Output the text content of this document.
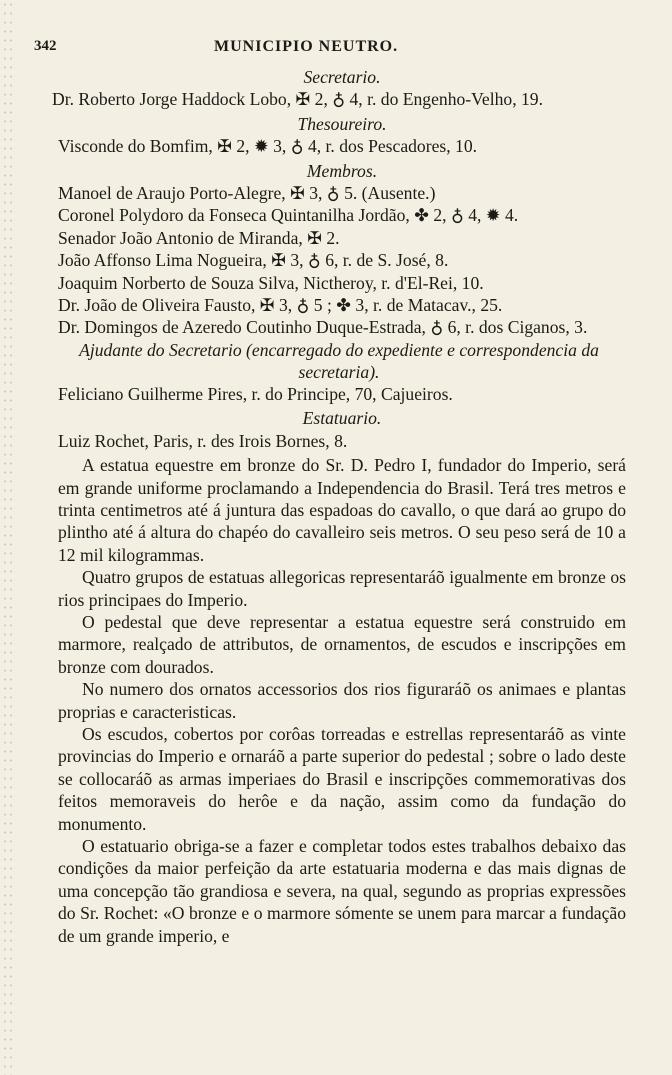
342	MUNICIPIO NEUTRO.

Secretario.

Dr. Roberto Jorge Haddock Lobo, ✠ 2, ♁ 4, r. do Engenho-Velho, 19.

Thesoureiro.

Visconde do Bomfim, ✠ 2, ✹ 3, ♁ 4, r. dos Pescadores, 10.

Membros.

Manoel de Araujo Porto-Alegre, ✠ 3, ♁ 5. (Ausente.)

Coronel Polydoro da Fonseca Quintanilha Jordão, ✤ 2, ♁ 4, ✹ 4.

Senador João Antonio de Miranda, ✠ 2.

João Affonso Lima Nogueira, ✠ 3, ♁ 6, r. de S. José, 8.

Joaquim Norberto de Souza Silva, Nictheroy, r. d'El-Rei, 10.

Dr. João de Oliveira Fausto, ✠ 3, ♁ 5 ; ✤ 3, r. de Matacav., 25.

Dr. Domingos de Azeredo Coutinho Duque-Estrada, ♁ 6, r. dos Ciganos, 3.

Ajudante do Secretario (encarregado do expediente e correspondencia da secretaria).

Feliciano Guilherme Pires, r. do Principe, 70, Cajueiros.

Estatuario.

Luiz Rochet, Paris, r. des Irois Bornes, 8.

A estatua equestre em bronze do Sr. D. Pedro I, fundador do Imperio, será em grande uniforme proclamando a Independencia do Brasil. Terá tres metros e trinta centimetros até á juntura das espadoas do cavallo, o que dará ao grupo do plintho até á altura do chapéo do cavalleiro seis metros. O seu peso será de 10 a 12 mil kilogrammas.

Quatro grupos de estatuas allegoricas representaráõ igualmente em bronze os rios principaes do Imperio.

O pedestal que deve representar a estatua equestre será construido em marmore, realçado de attributos, de ornamentos, de escudos e inscripções em bronze com dourados.

No numero dos ornatos accessorios dos rios figuraráõ os animaes e plantas proprias e caracteristicas.

Os escudos, cobertos por corôas torreadas e estrellas representaráõ as vinte provincias do Imperio e ornaráõ a parte superior do pedestal ; sobre o lado deste se collocaráõ as armas imperiaes do Brasil e inscripções commemorativas dos feitos memoraveis do herôe e da nação, assim como da fundação do monumento.

O estatuario obriga-se a fazer e completar todos estes trabalhos debaixo das condições da maior perfeição da arte estatuaria moderna e das mais dignas de uma concepção tão grandiosa e severa, na qual, segundo as proprias expressões do Sr. Rochet: «O bronze e o marmore sómente se unem para marcar a fundação de um grande imperio, e
